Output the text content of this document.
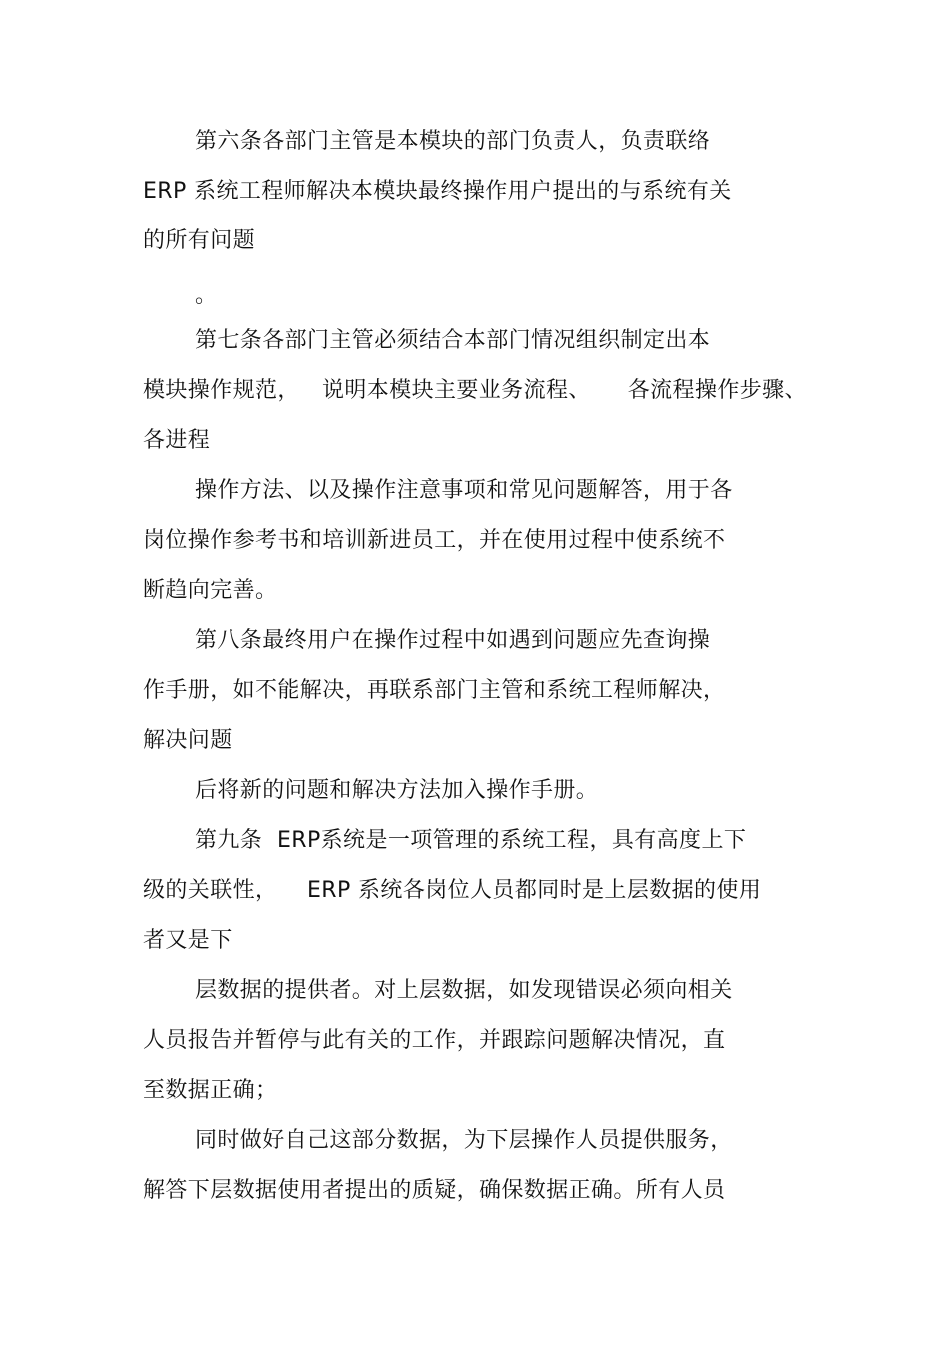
第六条各部门主管是本模块的部门负责人，负责联络
ERP 系统工程师解决本模块最终操作用户提出的与系统有关
的所有问题
。
第七条各部门主管必须结合本部门情况组织制定出本
模块操作规范，   说明本模块主要业务流程、     各流程操作步骤、
各进程
操作方法、以及操作注意事项和常见问题解答，用于各
岗位操作参考书和培训新进员工，并在使用过程中使系统不
断趋向完善。
第八条最终用户在操作过程中如遇到问题应先查询操
作手册，如不能解决，再联系部门主管和系统工程师解决，
解决问题
后将新的问题和解决方法加入操作手册。
第九条  ERP系统是一项管理的系统工程，具有高度上下
级的关联性，    ERP 系统各岗位人员都同时是上层数据的使用
者又是下
层数据的提供者。对上层数据，如发现错误必须向相关
人员报告并暂停与此有关的工作，并跟踪问题解决情况，直
至数据正确；
同时做好自己这部分数据，为下层操作人员提供服务，
解答下层数据使用者提出的质疑，确保数据正确。所有人员
